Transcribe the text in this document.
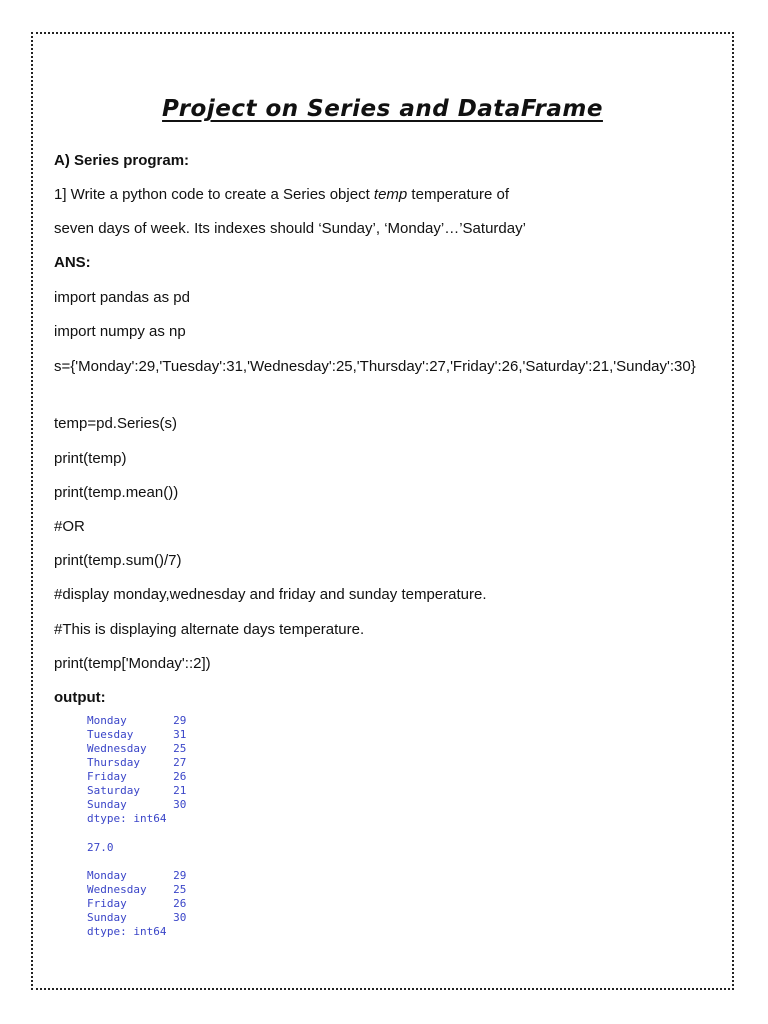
Project on Series and DataFrame
A) Series program:
1] Write a python code to create a Series object temp temperature of
seven days of week. Its indexes should ‘Sunday’, ‘Monday’…’Saturday’
ANS:
import pandas as pd
import numpy as np
s={'Monday':29,'Tuesday':31,'Wednesday':25,'Thursday':27,'Friday':26,'Saturday':21,'Sunday':30}
temp=pd.Series(s)
print(temp)
print(temp.mean())
#OR
print(temp.sum()/7)
#display monday,wednesday and friday and sunday temperature.
#This is displaying alternate days temperature.
print(temp['Monday'::2])
output:
Monday       29
Tuesday      31
Wednesday    25
Thursday     27
Friday       26
Saturday     21
Sunday       30
dtype: int64
27.0
Monday       29
Wednesday    25
Friday       26
Sunday       30
dtype: int64
